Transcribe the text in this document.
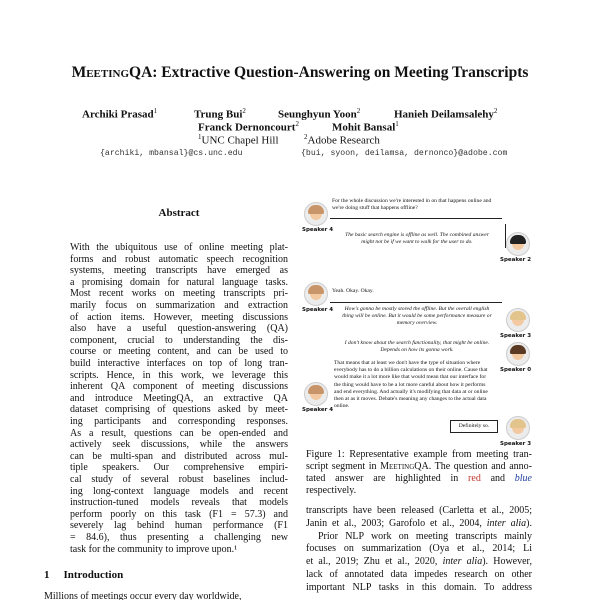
MeetingQA: Extractive Question-Answering on Meeting Transcripts
Archiki Prasad$^1$	Trung Bui$^2$	Seunghyun Yoon$^2$	Hanieh Deilamsalehy$^2$
Franck Dernoncourt$^2$	Mohit Bansal$^1$
$^1$UNC Chapel Hill	$^2$Adobe Research
{archiki, mbansal}@cs.unc.edu	{bui, syoon, deilamsa, dernonco}@adobe.com
Abstract
With the ubiquitous use of online meeting plat-
forms and robust automatic speech recognition
systems, meeting transcripts have emerged as
a promising domain for natural language tasks.
Most recent works on meeting transcripts pri-
marily focus on summarization and extraction
of action items. However, meeting discussions
also have a useful question-answering (QA)
component, crucial to understanding the dis-
course or meeting content, and can be used to
build interactive interfaces on top of long tran-
scripts. Hence, in this work, we leverage this
inherent QA component of meeting discussions
and introduce MeetingQA, an extractive QA
dataset comprising of questions asked by meet-
ing participants and corresponding responses.
As a result, questions can be open-ended and
actively seek discussions, while the answers
can be multi-span and distributed across mul-
tiple speakers. Our comprehensive empiri-
cal study of several robust baselines includ-
ing long-context language models and recent
instruction-tuned models reveals that models
perform poorly on this task (F1 = 57.3) and
severely lag behind human performance (F1
= 84.6), thus presenting a challenging new
task for the community to improve upon.¹
1 Introduction
Millions of meetings occur every day worldwide,
Speaker 4
For the whole discussion we're interested in on that happens online and we're doing stuff that happens offline?
Speaker 2
The basic search engine is offline as well. The combined answer might not be if we want to walk for the user to do.
Speaker 4
Yeah. Okay. Okay.
Speaker 3
How's gonna be mostly stored the offline. But the overall english thing will be online. But it would be some performance measure or memory overview.
Speaker 0
I don't know about the search functionality, that might be online. Depends on how its gonna work.
Speaker 4
That means that at least we don't have the type of situation where everybody has to do a billion calculations on their online. Cause that would make it a lot more like that would mean that our interface for the thing would have to be a lot more careful about how it performs and end everything. And actually it's modifying that data at or online then at as it moves. Debate's meaning any changes to the actual data online.
Speaker 3
Definitely so.
Figure 1: Representative example from meeting tran- script segment in MeetingQA. The question and anno- tated answer are highlighted in red and blue respectively.
transcripts have been released (Carletta et al., 2005;
Janin et al., 2003; Garofolo et al., 2004, inter alia).
Prior NLP work on meeting transcripts mainly
focuses on summarization (Oya et al., 2014; Li
et al., 2019; Zhu et al., 2020, inter alia). However,
lack of annotated data impedes research on other
important NLP tasks in this domain. To address
